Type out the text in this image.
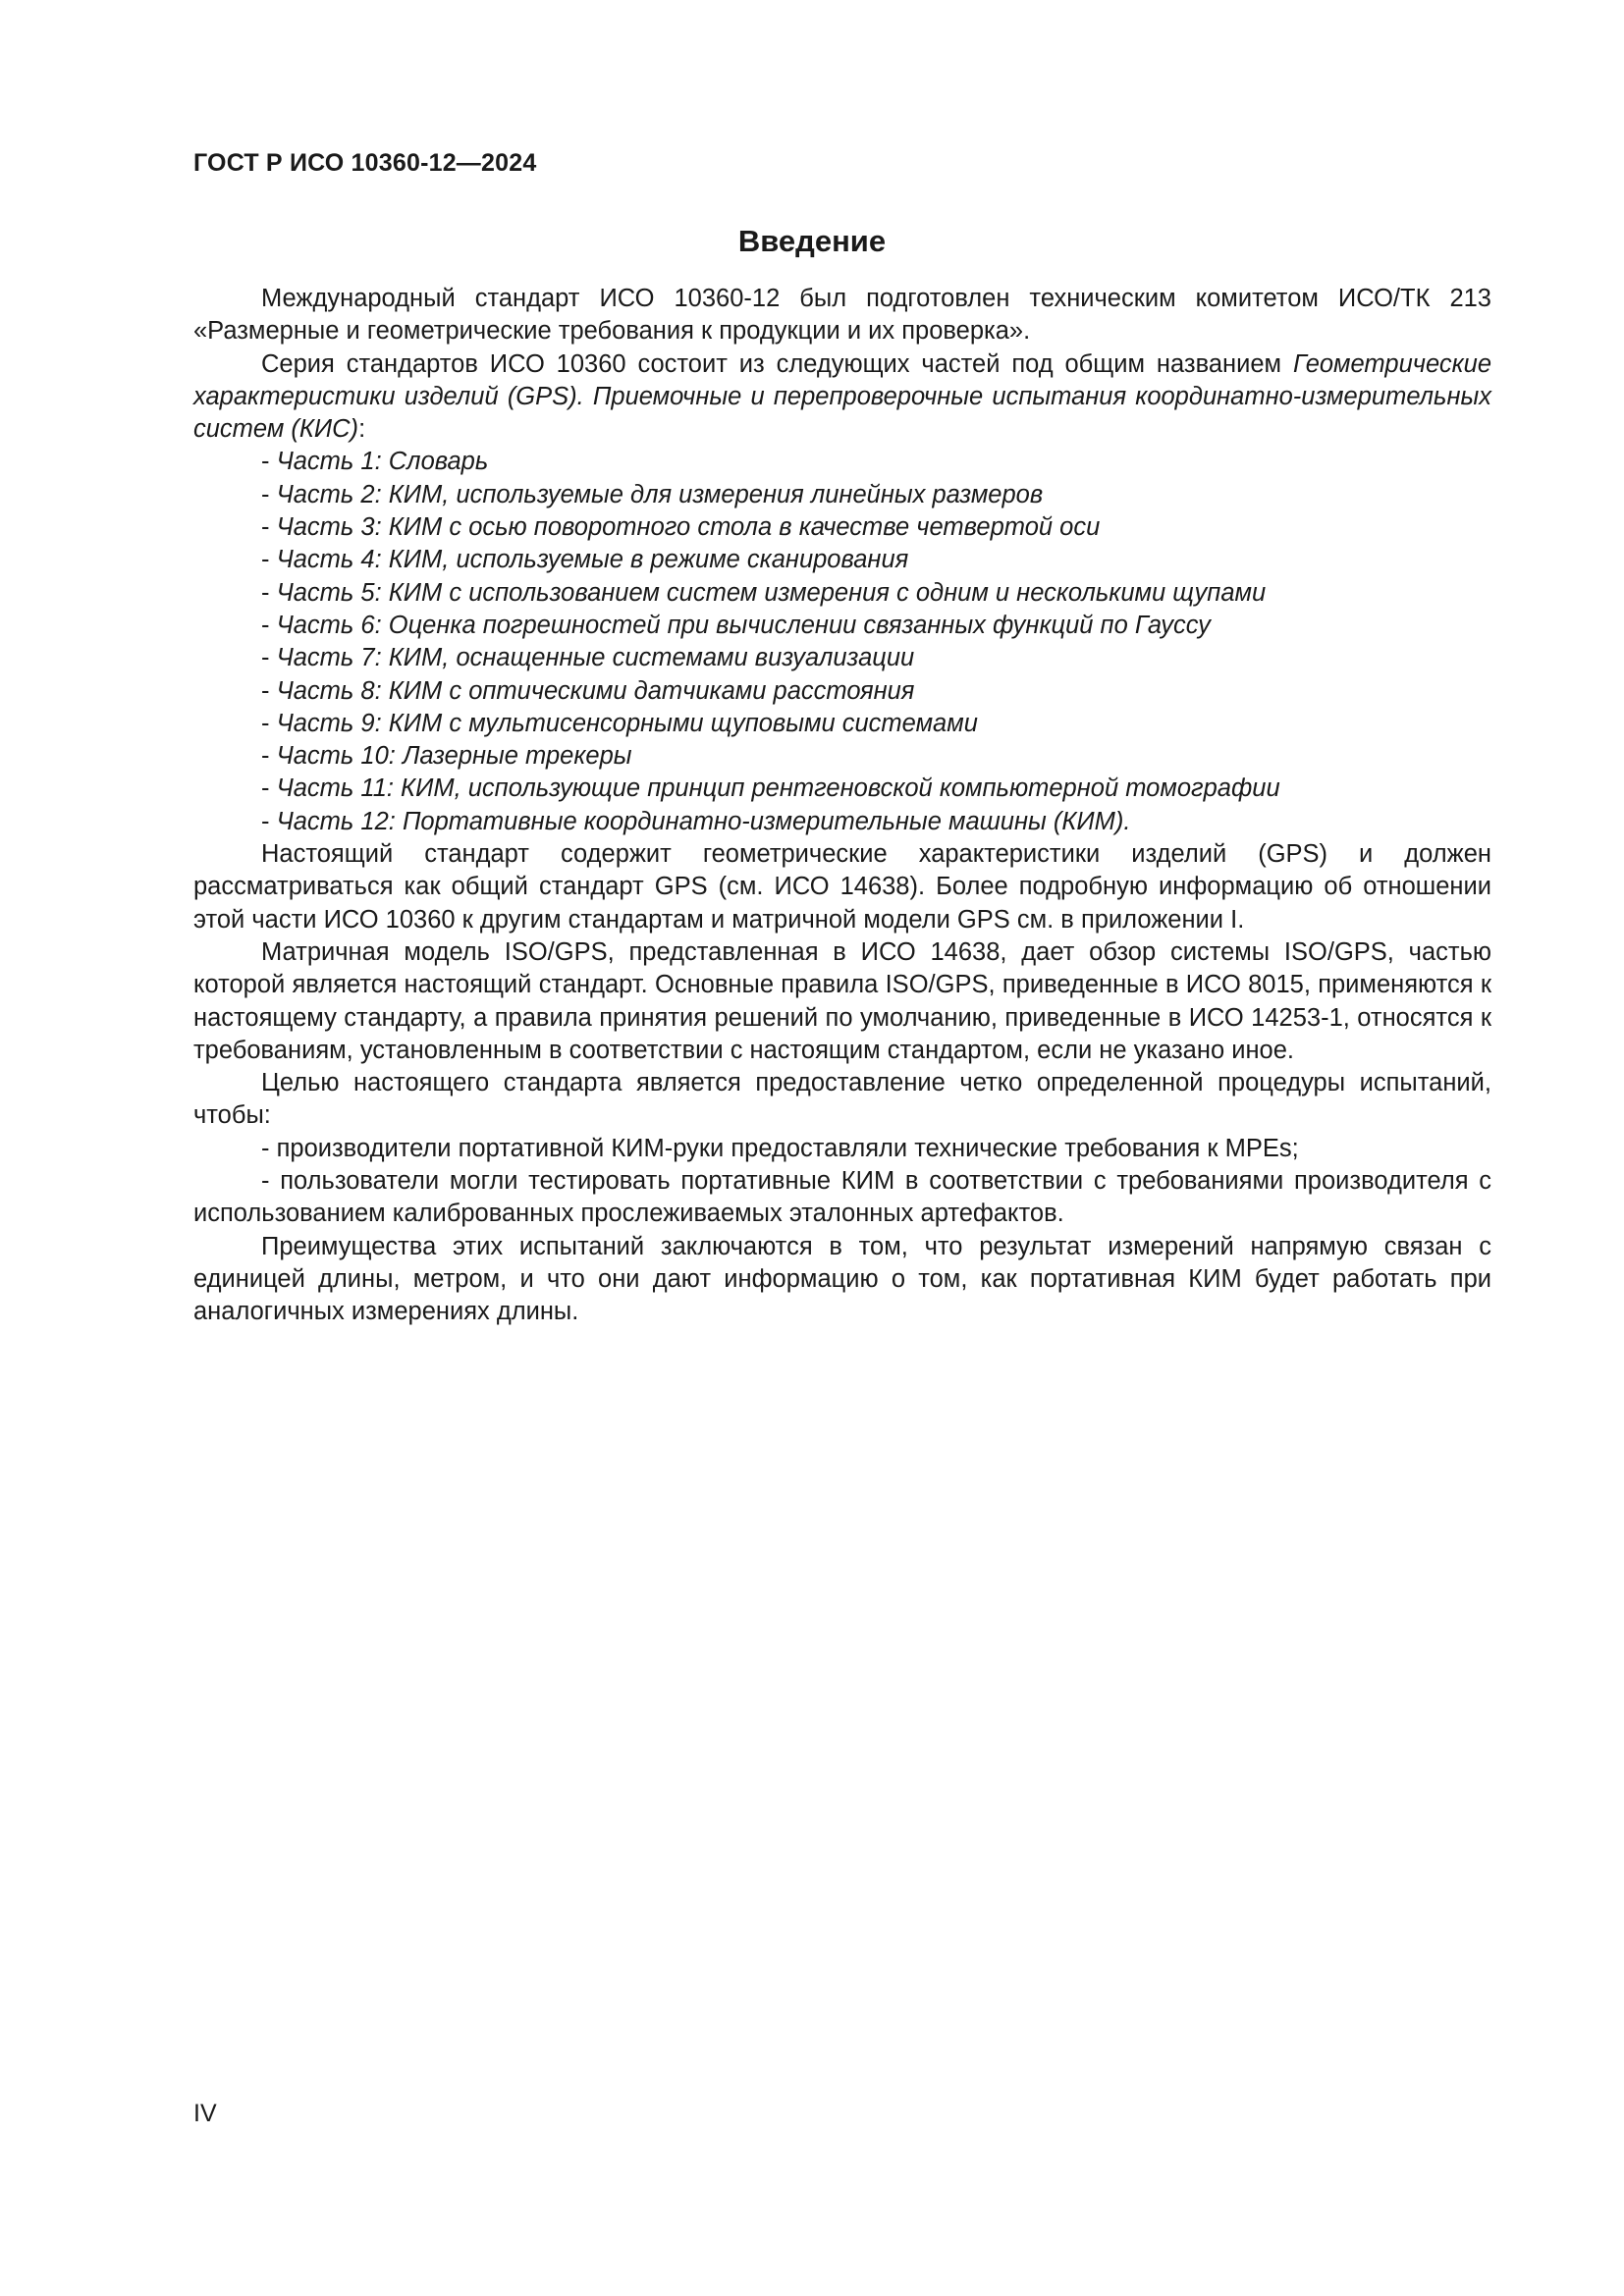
ГОСТ Р ИСО 10360-12—2024
Введение

Международный стандарт ИСО 10360-12 был подготовлен техническим комитетом ИСО/ТК 213 «Размерные и геометрические требования к продукции и их проверка».

Серия стандартов ИСО 10360 состоит из следующих частей под общим названием Геометрические характеристики изделий (GPS). Приемочные и перепроверочные испытания координатно-измерительных систем (КИС):

- Часть 1: Словарь
- Часть 2: КИМ, используемые для измерения линейных размеров
- Часть 3: КИМ с осью поворотного стола в качестве четвертой оси
- Часть 4: КИМ, используемые в режиме сканирования
- Часть 5: КИМ с использованием систем измерения с одним и несколькими щупами
- Часть 6: Оценка погрешностей при вычислении связанных функций по Гауссу
- Часть 7: КИМ, оснащенные системами визуализации
- Часть 8: КИМ с оптическими датчиками расстояния
- Часть 9: КИМ с мультисенсорными щуповыми системами
- Часть 10: Лазерные трекеры
- Часть 11: КИМ, использующие принцип рентгеновской компьютерной томографии
- Часть 12: Портативные координатно-измерительные машины (КИМ).

Настоящий стандарт содержит геометрические характеристики изделий (GPS) и должен рассматриваться как общий стандарт GPS (см. ИСО 14638). Более подробную информацию об отношении этой части ИСО 10360 к другим стандартам и матричной модели GPS см. в приложении I.

Матричная модель ISO/GPS, представленная в ИСО 14638, дает обзор системы ISO/GPS, частью которой является настоящий стандарт. Основные правила ISO/GPS, приведенные в ИСО 8015, применяются к настоящему стандарту, а правила принятия решений по умолчанию, приведенные в ИСО 14253-1, относятся к требованиям, установленным в соответствии с настоящим стандартом, если не указано иное.

Целью настоящего стандарта является предоставление четко определенной процедуры испытаний, чтобы:

- производители портативной КИМ-руки предоставляли технические требования к MPEs;

- пользователи могли тестировать портативные КИМ в соответствии с требованиями производителя с использованием калиброванных прослеживаемых эталонных артефактов.

Преимущества этих испытаний заключаются в том, что результат измерений напрямую связан с единицей длины, метром, и что они дают информацию о том, как портативная КИМ будет работать при аналогичных измерениях длины.

IV
